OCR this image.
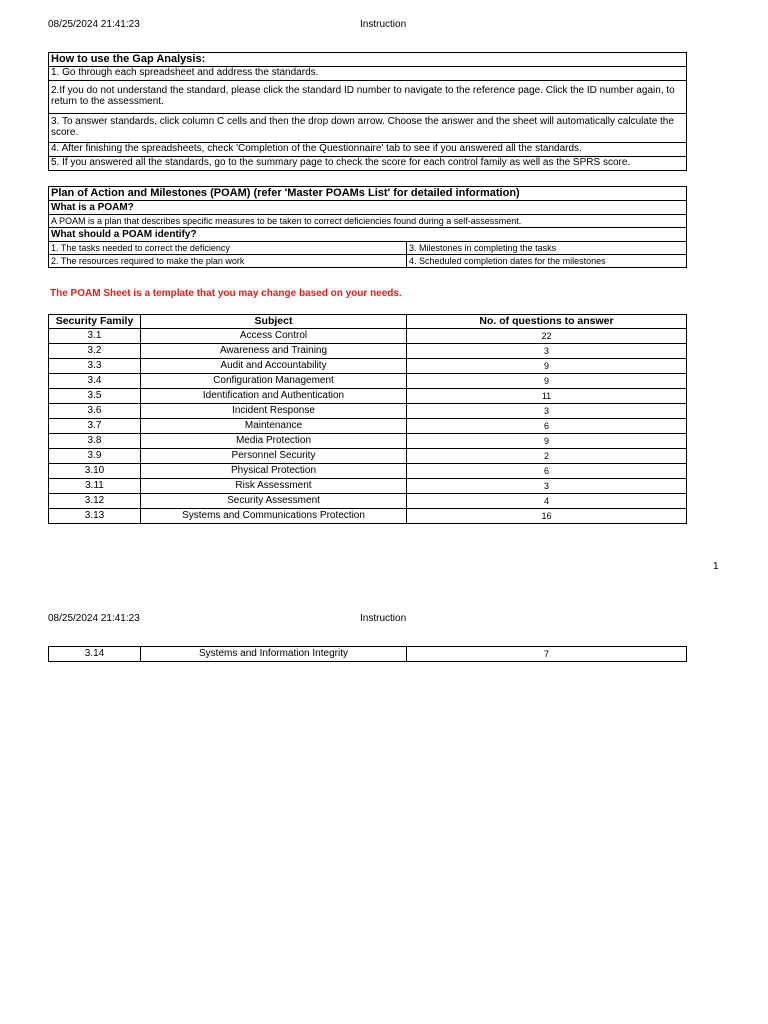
08/25/2024 21:41:23	Instruction
How to use the Gap Analysis:
1. Go through each spreadsheet and address the standards.
2.If you do not understand the standard, please click the standard ID number to navigate to the reference page. Click the ID number again, to return to the assessment.
3. To answer standards, click column C cells and then the drop down arrow. Choose the answer and the sheet will automatically calculate the score.
4. After finishing the spreadsheets, check 'Completion of the Questionnaire' tab to see if you answered all the standards.
5. If you answered all the standards, go to the summary page to check the score for each control family as well as the SPRS score.
Plan of Action and Milestones (POAM) (refer 'Master POAMs List' for detailed information)	
What is a POAM?	
A POAM is a plan that describes specific measures to be taken to correct deficiencies found during a self-assessment.	
What should a POAM identify?	
1. The tasks needed to correct the deficiency	3. Milestones in completing the tasks
2. The resources required to make the plan work	4. Scheduled completion dates for the milestones
The POAM Sheet is a template that you may change based on your needs.
Security Family	Subject	No. of questions to answer
3.1	Access Control	22
3.2	Awareness and Training	3
3.3	Audit and Accountability	9
3.4	Configuration Management	9
3.5	Identification and Authentication	11
3.6	Incident Response	3
3.7	Maintenance	6
3.8	Media Protection	9
3.9	Personnel Security	2
3.10	Physical Protection	6
3.11	Risk Assessment	3
3.12	Security Assessment	4
3.13	Systems and Communications Protection	16
1
08/25/2024 21:41:23	Instruction
3.14	Systems and Information Integrity	7
